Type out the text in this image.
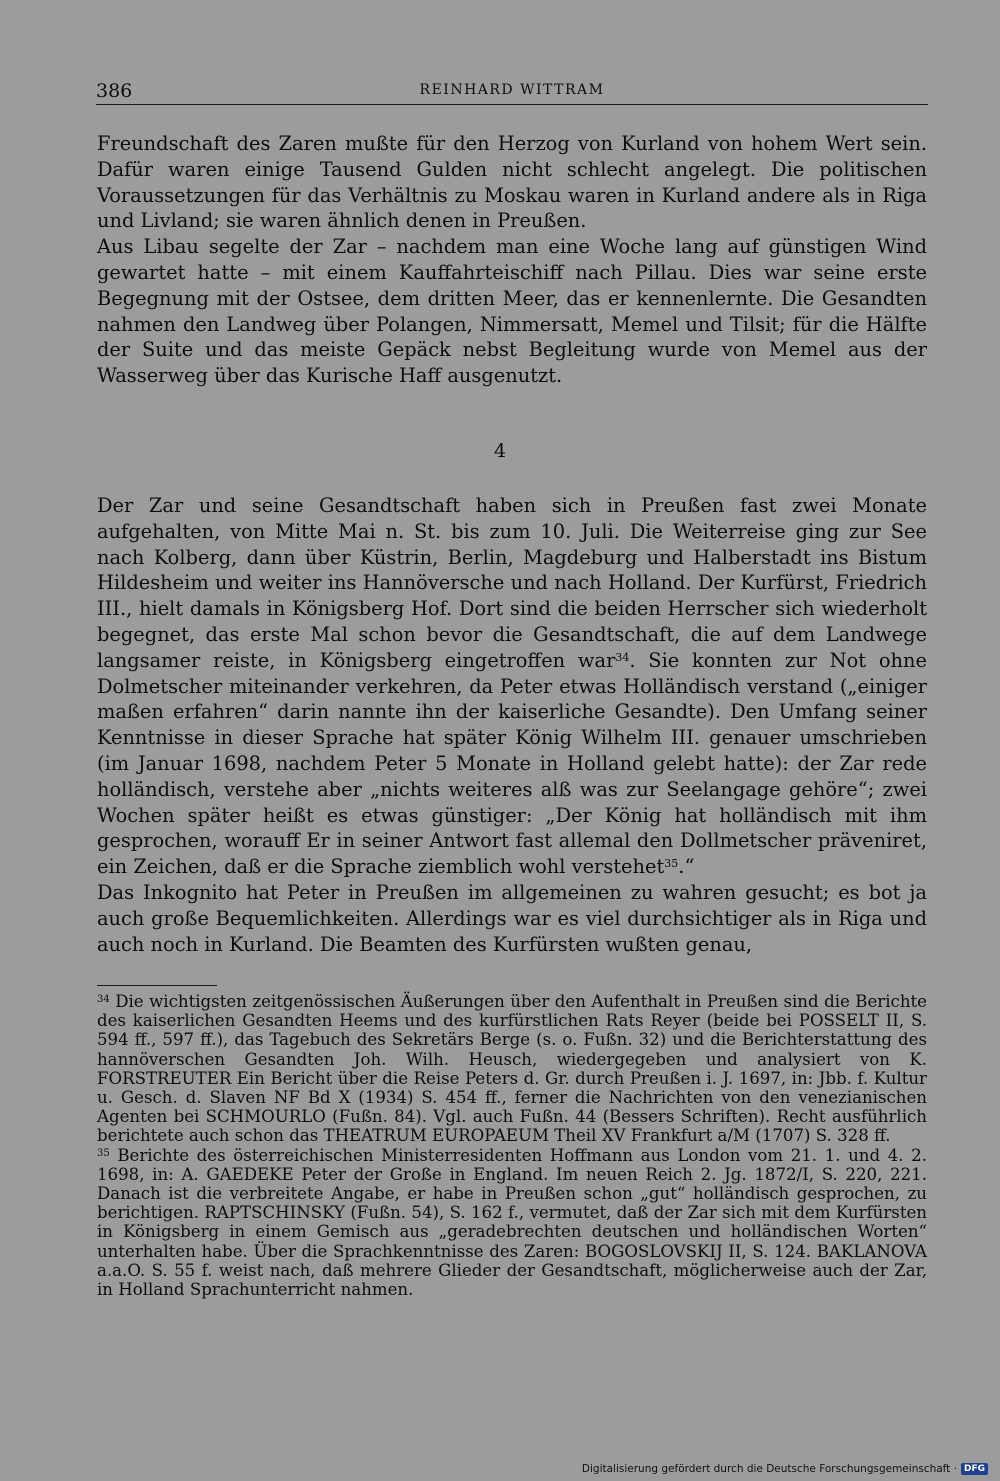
386	REINHARD WITTRAM

Freundschaft des Zaren mußte für den Herzog von Kurland von hohem Wert sein. Dafür waren einige Tausend Gulden nicht schlecht angelegt. Die politischen Voraussetzungen für das Verhältnis zu Moskau waren in Kurland andere als in Riga und Livland; sie waren ähnlich denen in Preußen.

Aus Libau segelte der Zar – nachdem man eine Woche lang auf günstigen Wind gewartet hatte – mit einem Kauffahrteischiff nach Pillau. Dies war seine erste Begegnung mit der Ostsee, dem dritten Meer, das er kennenlernte. Die Gesandten nahmen den Landweg über Polangen, Nimmersatt, Memel und Tilsit; für die Hälfte der Suite und das meiste Gepäck nebst Begleitung wurde von Memel aus der Wasserweg über das Kurische Haff ausgenutzt.

4

Der Zar und seine Gesandtschaft haben sich in Preußen fast zwei Monate aufgehalten, von Mitte Mai n. St. bis zum 10. Juli. Die Weiterreise ging zur See nach Kolberg, dann über Küstrin, Berlin, Magdeburg und Halberstadt ins Bistum Hildesheim und weiter ins Hannöversche und nach Holland. Der Kurfürst, Friedrich III., hielt damals in Königsberg Hof. Dort sind die beiden Herrscher sich wiederholt begegnet, das erste Mal schon bevor die Gesandtschaft, die auf dem Landwege langsamer reiste, in Königsberg eingetroffen war$^{34}$. Sie konnten zur Not ohne Dolmetscher miteinander verkehren, da Peter etwas Holländisch verstand („einiger maßen erfahren“ darin nannte ihn der kaiserliche Gesandte). Den Umfang seiner Kenntnisse in dieser Sprache hat später König Wilhelm III. genauer umschrieben (im Januar 1698, nachdem Peter 5 Monate in Holland gelebt hatte): der Zar rede holländisch, verstehe aber „nichts weiteres alß was zur Seelangage gehöre“; zwei Wochen später heißt es etwas günstiger: „Der König hat holländisch mit ihm gesprochen, worauff Er in seiner Antwort fast allemal den Dollmetscher präveniret, ein Zeichen, daß er die Sprache ziemblich wohl verstehet$^{35}$.“

Das Inkognito hat Peter in Preußen im allgemeinen zu wahren gesucht; es bot ja auch große Bequemlichkeiten. Allerdings war es viel durchsichtiger als in Riga und auch noch in Kurland. Die Beamten des Kurfürsten wußten genau,

$^{34}$ Die wichtigsten zeitgenössischen Äußerungen über den Aufenthalt in Preußen sind die Berichte des kaiserlichen Gesandten Heems und des kurfürstlichen Rats Reyer (beide bei POSSELT II, S. 594 ff., 597 ff.), das Tagebuch des Sekretärs Berge (s. o. Fußn. 32) und die Berichterstattung des hannöverschen Gesandten Joh. Wilh. Heusch, wiedergegeben und analysiert von K. FORSTREUTER Ein Bericht über die Reise Peters d. Gr. durch Preußen i. J. 1697, in: Jbb. f. Kultur u. Gesch. d. Slaven NF Bd X (1934) S. 454 ff., ferner die Nachrichten von den venezianischen Agenten bei SCHMOURLO (Fußn. 84). Vgl. auch Fußn. 44 (Bessers Schriften). Recht ausführlich berichtete auch schon das THEATRUM EUROPAEUM Theil XV Frankfurt a/M (1707) S. 328 ff.

$^{35}$ Berichte des österreichischen Ministerresidenten Hoffmann aus London vom 21. 1. und 4. 2. 1698, in: A. GAEDEKE Peter der Große in England. Im neuen Reich 2. Jg. 1872/I, S. 220, 221. Danach ist die verbreitete Angabe, er habe in Preußen schon „gut“ holländisch gesprochen, zu berichtigen. RAPTSCHINSKY (Fußn. 54), S. 162 f., vermutet, daß der Zar sich mit dem Kurfürsten in Königsberg in einem Gemisch aus „geradebrechten deutschen und holländischen Worten“ unterhalten habe. Über die Sprachkenntnisse des Zaren: BOGOSLOVSKIJ II, S. 124. BAKLANOVA a.a.O. S. 55 f. weist nach, daß mehrere Glieder der Gesandtschaft, möglicherweise auch der Zar, in Holland Sprachunterricht nahmen.

Digitalisierung gefördert durch die Deutsche Forschungsgemeinschaft · DFG
